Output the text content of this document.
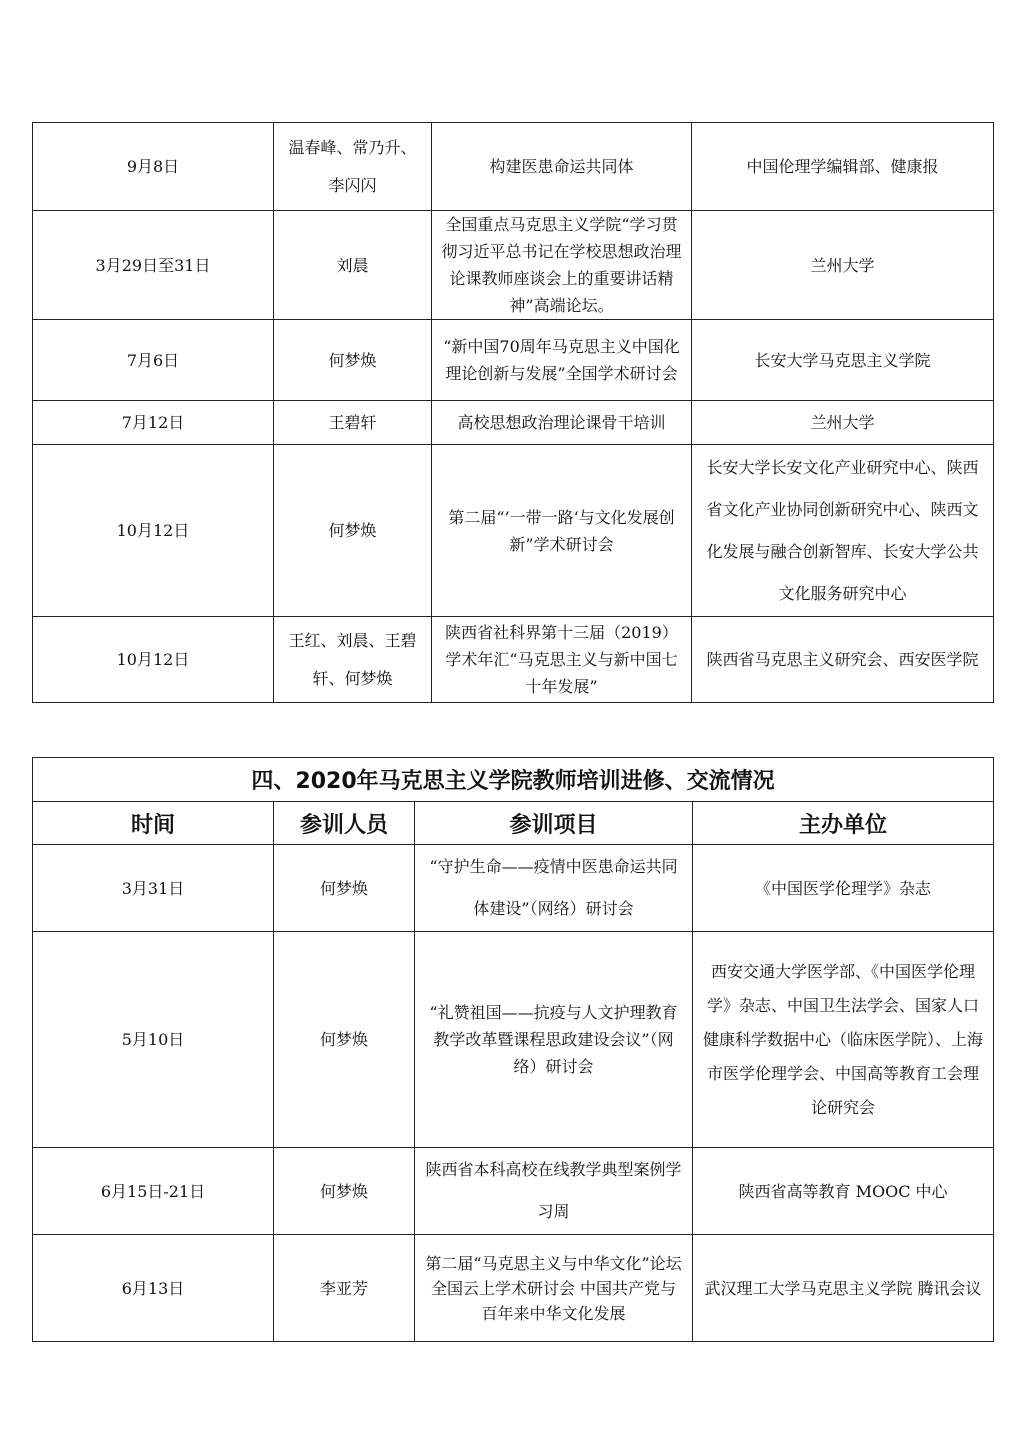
9月8日	温春峰、常乃升、李闪闪	构建医患命运共同体	中国伦理学编辑部、健康报
3月29日至31日	刘晨	全国重点马克思主义学院“学习贯彻习近平总书记在学校思想政治理论课教师座谈会上的重要讲话精神”高端论坛。	兰州大学
7月6日	何梦焕	“新中国70周年马克思主义中国化理论创新与发展”全国学术研讨会	长安大学马克思主义学院
7月12日	王碧轩	高校思想政治理论课骨干培训	兰州大学
10月12日	何梦焕	第二届“’一带一路‘与文化发展创新”学术研讨会	长安大学长安文化产业研究中心、陕西省文化产业协同创新研究中心、陕西文化发展与融合创新智库、长安大学公共文化服务研究中心
10月12日	王红、刘晨、王碧轩、何梦焕	陕西省社科界第十三届（2019）学术年汇“马克思主义与新中国七十年发展”	陕西省马克思主义研究会、西安医学院
四、2020年马克思主义学院教师培训进修、交流情况			
时间	参训人员	参训项目	主办单位
3月31日	何梦焕	“守护生命——疫情中医患命运共同体建设”（网络）研讨会	《中国医学伦理学》杂志
5月10日	何梦焕	“礼赞祖国——抗疫与人文护理教育教学改革暨课程思政建设会议”（网络）研讨会	西安交通大学医学部、《中国医学伦理学》杂志、中国卫生法学会、国家人口健康科学数据中心（临床医学院）、上海市医学伦理学会、中国高等教育工会理论研究会
6月15日-21日	何梦焕	陕西省本科高校在线教学典型案例学习周	陕西省高等教育 MOOC 中心
6月13日	李亚芳	第二届“马克思主义与中华文化”论坛全国云上学术研讨会 中国共产党与百年来中华文化发展	武汉理工大学马克思主义学院 腾讯会议
